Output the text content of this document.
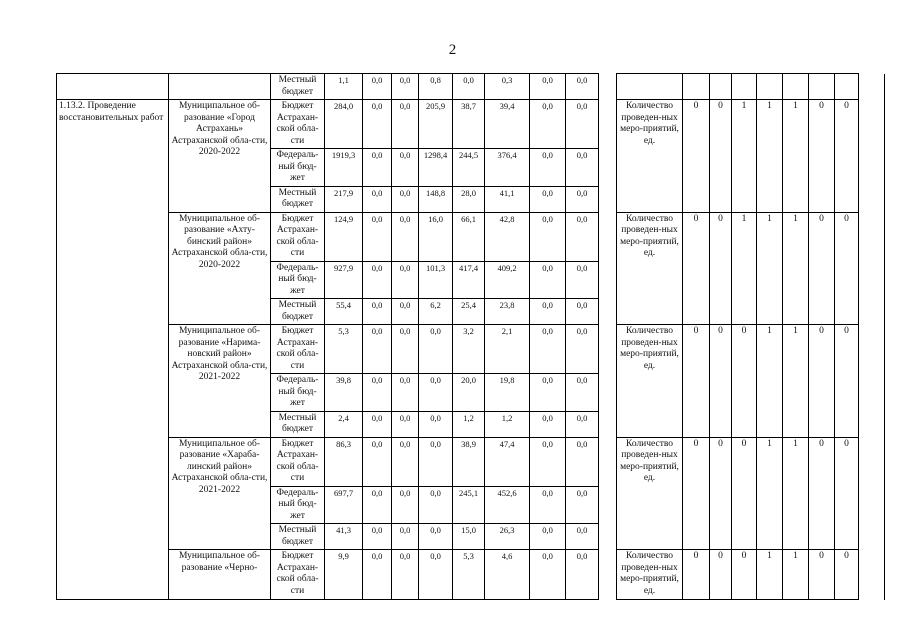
2
		Местный бюджет	1,1	0,0	0,0	0,8	0,0	0,3	0,0	0,0										
1.13.2. Проведение восстановительных работ	Муниципальное об-разование «Город Астрахань» Астраханской обла-сти, 2020-2022	Бюджет Астрахан-ской обла-сти	284,0	0,0	0,0	205,9	38,7	39,4	0,0	0,0		Количество проведен-ных меро-приятий, ед.	0	0	1	1	1	0	0	
		Федераль-ный бюд-жет	1919,3	0,0	0,0	1298,4	244,5	376,4	0,0	0,0										
		Местный бюджет	217,9	0,0	0,0	148,8	28,0	41,1	0,0	0,0										
	Муниципальное об-разование «Ахту-бинский район» Астраханской обла-сти, 2020-2022	Бюджет Астрахан-ской обла-сти	124,9	0,0	0,0	16,0	66,1	42,8	0,0	0,0		Количество проведен-ных меро-приятий, ед.	0	0	1	1	1	0	0	
		Федераль-ный бюд-жет	927,9	0,0	0,0	101,3	417,4	409,2	0,0	0,0										
		Местный бюджет	55,4	0,0	0,0	6,2	25,4	23,8	0,0	0,0										
	Муниципальное об-разование «Нарима-новский район» Астраханской обла-сти, 2021-2022	Бюджет Астрахан-ской обла-сти	5,3	0,0	0,0	0,0	3,2	2,1	0,0	0,0		Количество проведен-ных меро-приятий, ед.	0	0	0	1	1	0	0	
		Федераль-ный бюд-жет	39,8	0,0	0,0	0,0	20,0	19,8	0,0	0,0										
		Местный бюджет	2,4	0,0	0,0	0,0	1,2	1,2	0,0	0,0										
	Муниципальное об-разование «Хараба-линский район» Астраханской обла-сти, 2021-2022	Бюджет Астрахан-ской обла-сти	86,3	0,0	0,0	0,0	38,9	47,4	0,0	0,0		Количество проведен-ных меро-приятий, ед.	0	0	0	1	1	0	0	
		Федераль-ный бюд-жет	697,7	0,0	0,0	0,0	245,1	452,6	0,0	0,0										
		Местный бюджет	41,3	0,0	0,0	0,0	15,0	26,3	0,0	0,0										
	Муниципальное об-разование «Черно-	Бюджет Астрахан-ской обла-сти	9,9	0,0	0,0	0,0	5,3	4,6	0,0	0,0		Количество проведен-ных меро-приятий, ед.	0	0	0	1	1	0	0	
